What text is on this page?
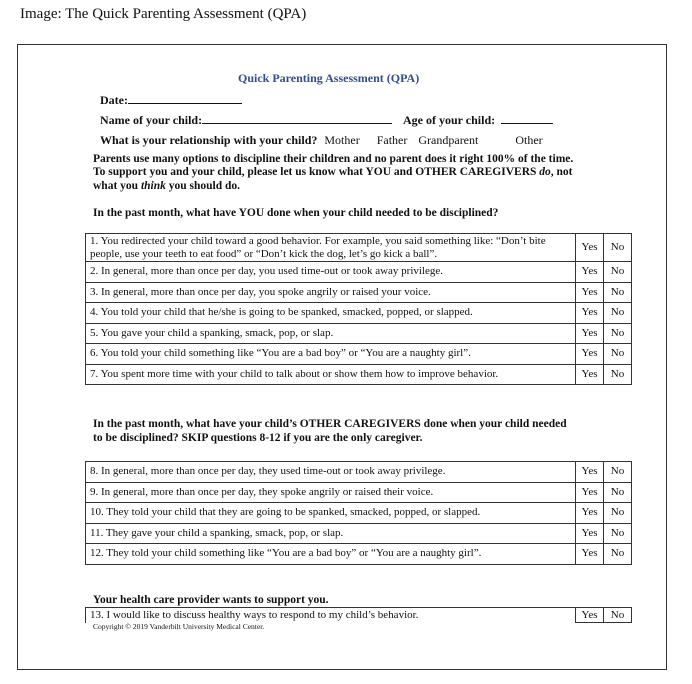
Image: The Quick Parenting Assessment (QPA)
Quick Parenting Assessment (QPA)
Date:
Name of your child:	Age of your child:
What is your relationship with your child? Mother Father Grandparent	Other
Parents use many options to discipline their children and no parent does it right 100% of the time.
To support you and your child, please let us know what YOU and OTHER CAREGIVERS do, not
what you think you should do.
In the past month, what have YOU done when your child needed to be disciplined?
1. You redirected your child toward a good behavior. For example, you said something like: “Don’t bite people, use your teeth to eat food” or “Don’t kick the dog, let’s go kick a ball”.	Yes	No
2. In general, more than once per day, you used time-out or took away privilege.	Yes	No
3. In general, more than once per day, you spoke angrily or raised your voice.	Yes	No
4. You told your child that he/she is going to be spanked, smacked, popped, or slapped.	Yes	No
5. You gave your child a spanking, smack, pop, or slap.	Yes	No
6. You told your child something like “You are a bad boy” or “You are a naughty girl”.	Yes	No
7. You spent more time with your child to talk about or show them how to improve behavior.	Yes	No
In the past month, what have your child’s OTHER CAREGIVERS done when your child needed
to be disciplined? SKIP questions 8-12 if you are the only caregiver.
8. In general, more than once per day, they used time-out or took away privilege.	Yes	No
9. In general, more than once per day, they spoke angrily or raised their voice.	Yes	No
10. They told your child that they are going to be spanked, smacked, popped, or slapped.	Yes	No
11. They gave your child a spanking, smack, pop, or slap.	Yes	No
12. They told your child something like “You are a bad boy” or “You are a naughty girl”.	Yes	No
Your health care provider wants to support you.
13. I would like to discuss healthy ways to respond to my child’s behavior.	Yes	No
Copyright © 2019 Vanderbilt University Medical Center.
